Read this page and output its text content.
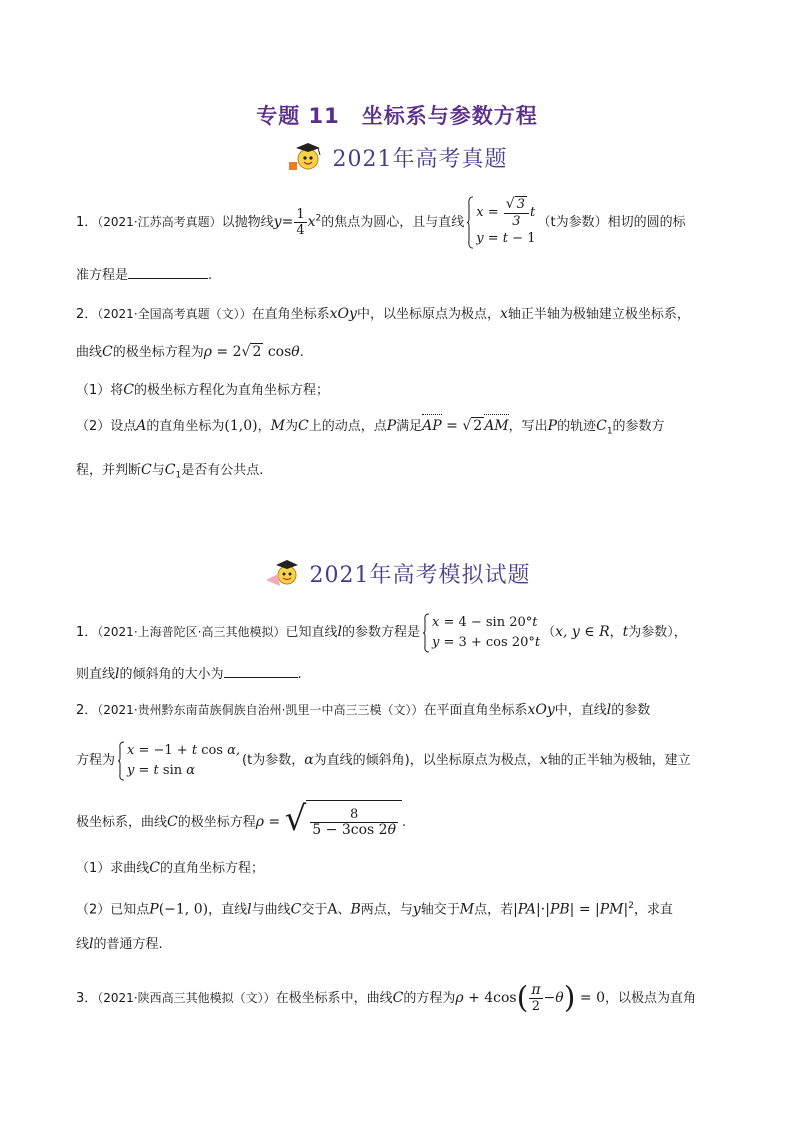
专题 11 坐标系与参数方程
2021年高考真题
1．（2021·江苏高考真题）以抛物线$y= \frac{1}{4} x^2$的焦点为圆心，且与直线
$x = \frac{√ 3}{3}$ t
y = t − 1
（t为参数）相切的圆的标
准方程是	.
2．（2021·全国高考真题（文））在直角坐标系xOy中，以坐标原点为极点，x轴正半轴为极轴建立极坐标系，
曲线C的极坐标方程为ρ = 2√ 2 cosθ.
（1）将C的极坐标方程化为直角坐标方程；
（2）设点A的直角坐标为(1,0)，M为C上的动点，点P满足AP = √ 2 AM，写出P的轨迹$C_1$的参数方
程，并判断C与$C_1$是否有公共点.
2021年高考模拟试题
1．（2021·上海普陀区·高三其他模拟）已知直线l的参数方程是
x = 4 − sin 20°t
y = 3 + cos 20°t
（x, y ∈ R，t为参数），
则直线l的倾斜角的大小为	.
2．（2021·贵州黔东南苗族侗族自治州·凯里一中高三三模（文））在平面直角坐标系xOy中，直线l的参数
方程为
x = −1 + t cos α,
y = t sin α
(t为参数，α为直线的倾斜角)，以坐标原点为极点，x轴的正半轴为极轴，建立
极坐标系，曲线C的极坐标方程ρ = √ $\frac{8}{5 - 3\cos 2\theta}$ .
（1）求曲线C的直角坐标方程；
（2）已知点P(−1, 0)，直线l与曲线C交于A、B两点，与y轴交于M点，若$|PA|\cdot|PB| = |PM|^2$，求直
线l的普通方程.
3．（2021·陕西高三其他模拟（文））在极坐标系中，曲线C的方程为$\rho + 4\cos( \frac{\pi}{2} -\theta) = 0$，以极点为直角
